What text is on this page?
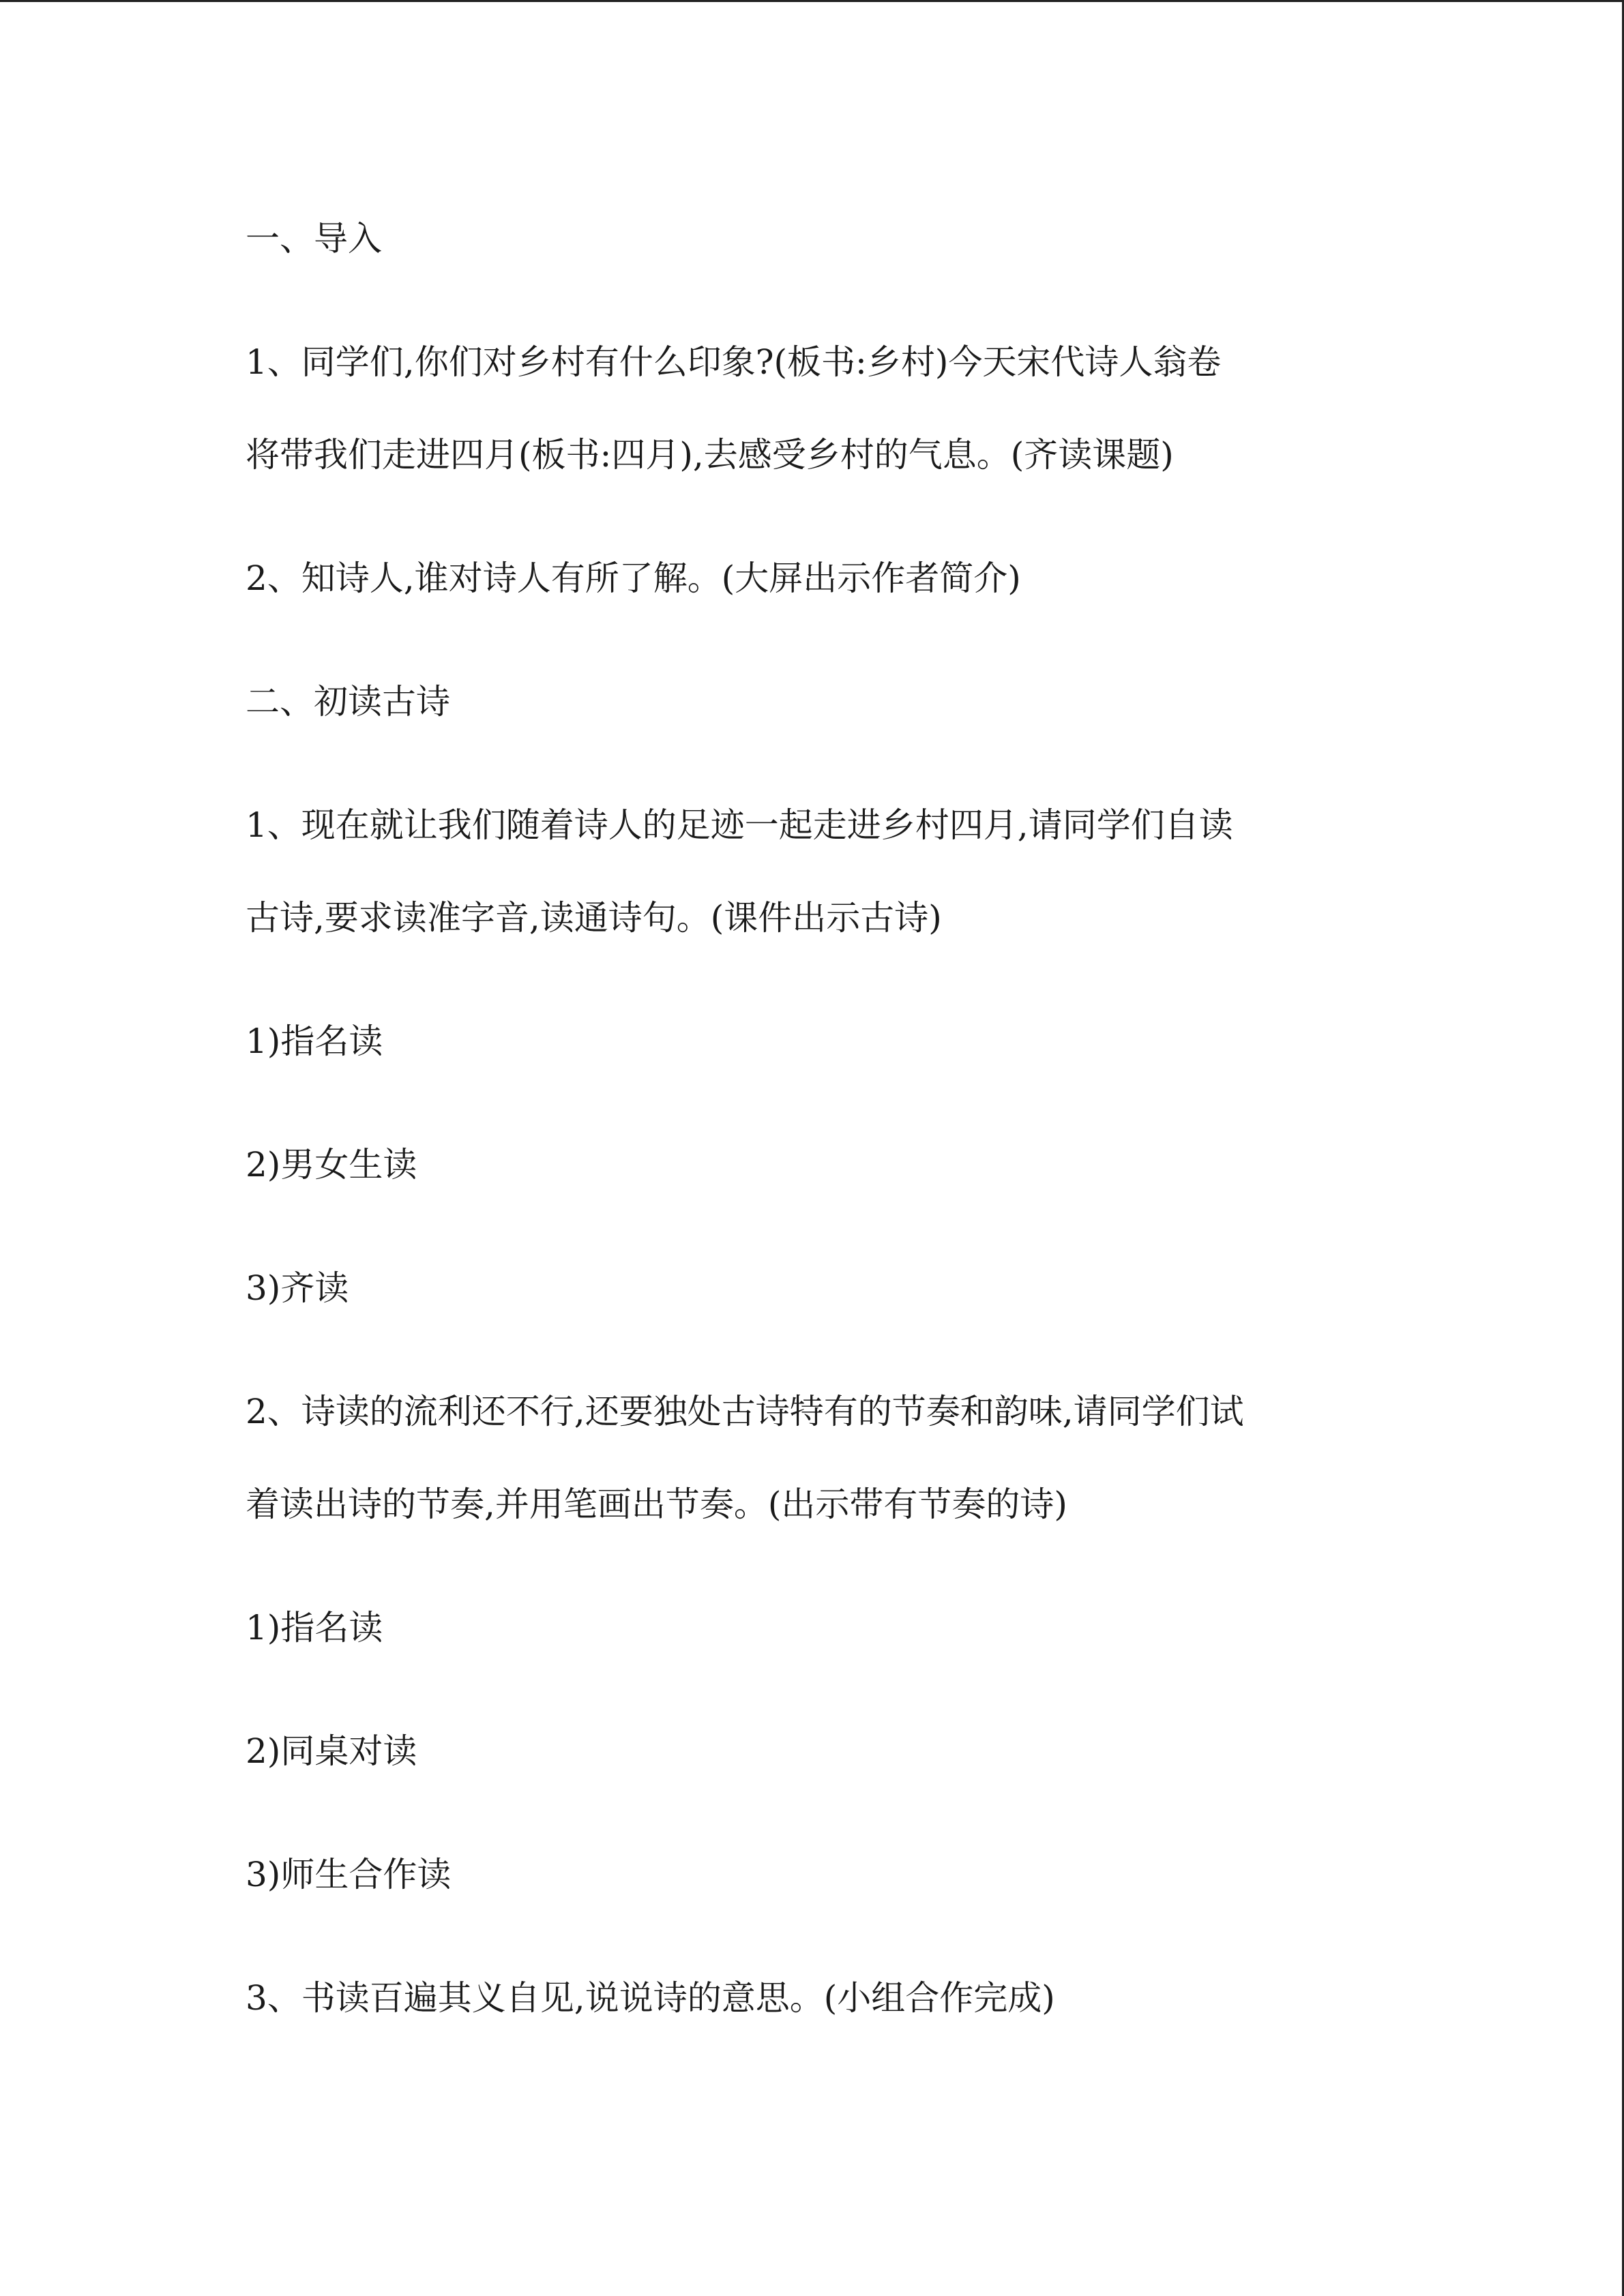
一、导入

1、同学们,你们对乡村有什么印象?(板书:乡村)今天宋代诗人翁卷
将带我们走进四月(板书:四月),去感受乡村的气息。(齐读课题)

2、知诗人,谁对诗人有所了解。(大屏出示作者简介)

二、初读古诗

1、现在就让我们随着诗人的足迹一起走进乡村四月,请同学们自读
古诗,要求读准字音,读通诗句。(课件出示古诗)

1)指名读

2)男女生读

3)齐读

2、诗读的流利还不行,还要独处古诗特有的节奏和韵味,请同学们试
着读出诗的节奏,并用笔画出节奏。(出示带有节奏的诗)

1)指名读

2)同桌对读

3)师生合作读

3、书读百遍其义自见,说说诗的意思。(小组合作完成)
